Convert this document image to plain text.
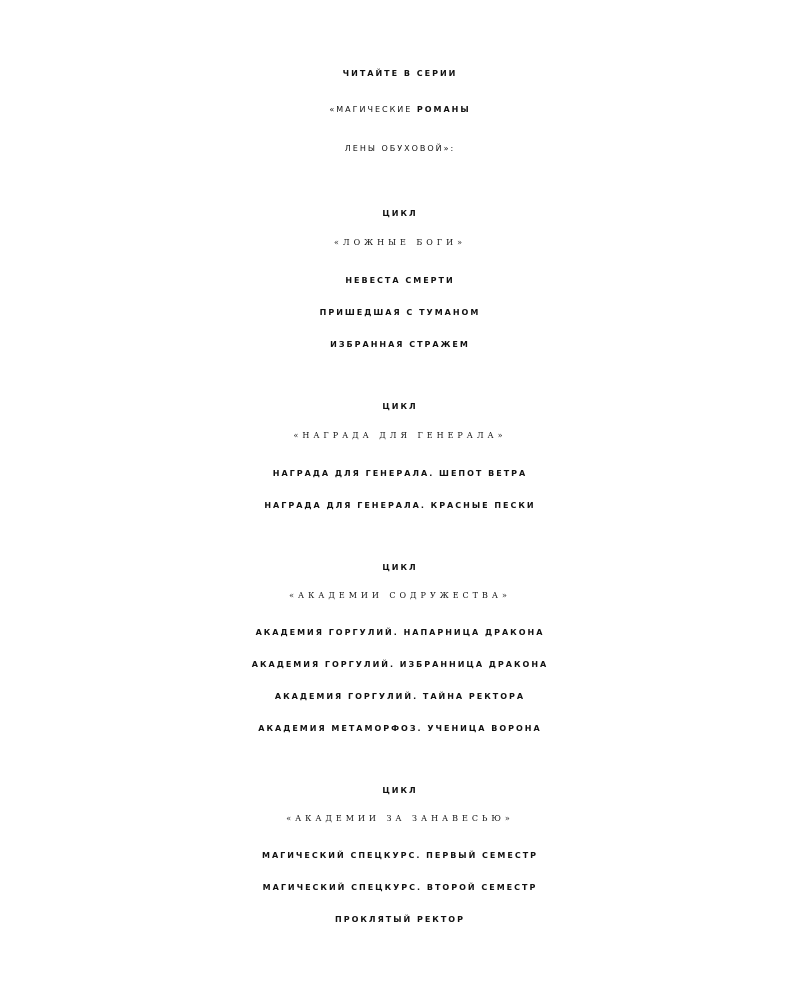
ЧИТАЙТЕ В СЕРИИ
«МАГИЧЕСКИЕ РОМАНЫ
ЛЕНЫ ОБУХОВОЙ»:
ЦИКЛ
«ЛОЖНЫЕ БОГИ»
НЕВЕСТА СМЕРТИ
ПРИШЕДШАЯ С ТУМАНОМ
ИЗБРАННАЯ СТРАЖЕМ
ЦИКЛ
«НАГРАДА ДЛЯ ГЕНЕРАЛА»
НАГРАДА ДЛЯ ГЕНЕРАЛА. ШЕПОТ ВЕТРА
НАГРАДА ДЛЯ ГЕНЕРАЛА. КРАСНЫЕ ПЕСКИ
ЦИКЛ
«АКАДЕМИИ СОДРУЖЕСТВА»
АКАДЕМИЯ ГОРГУЛИЙ. НАПАРНИЦА ДРАКОНА
АКАДЕМИЯ ГОРГУЛИЙ. ИЗБРАННИЦА ДРАКОНА
АКАДЕМИЯ ГОРГУЛИЙ. ТАЙНА РЕКТОРА
АКАДЕМИЯ МЕТАМОРФОЗ. УЧЕНИЦА ВОРОНА
ЦИКЛ
«АКАДЕМИИ ЗА ЗАНАВЕСЬЮ»
МАГИЧЕСКИЙ СПЕЦКУРС. ПЕРВЫЙ СЕМЕСТР
МАГИЧЕСКИЙ СПЕЦКУРС. ВТОРОЙ СЕМЕСТР
ПРОКЛЯТЫЙ РЕКТОР
